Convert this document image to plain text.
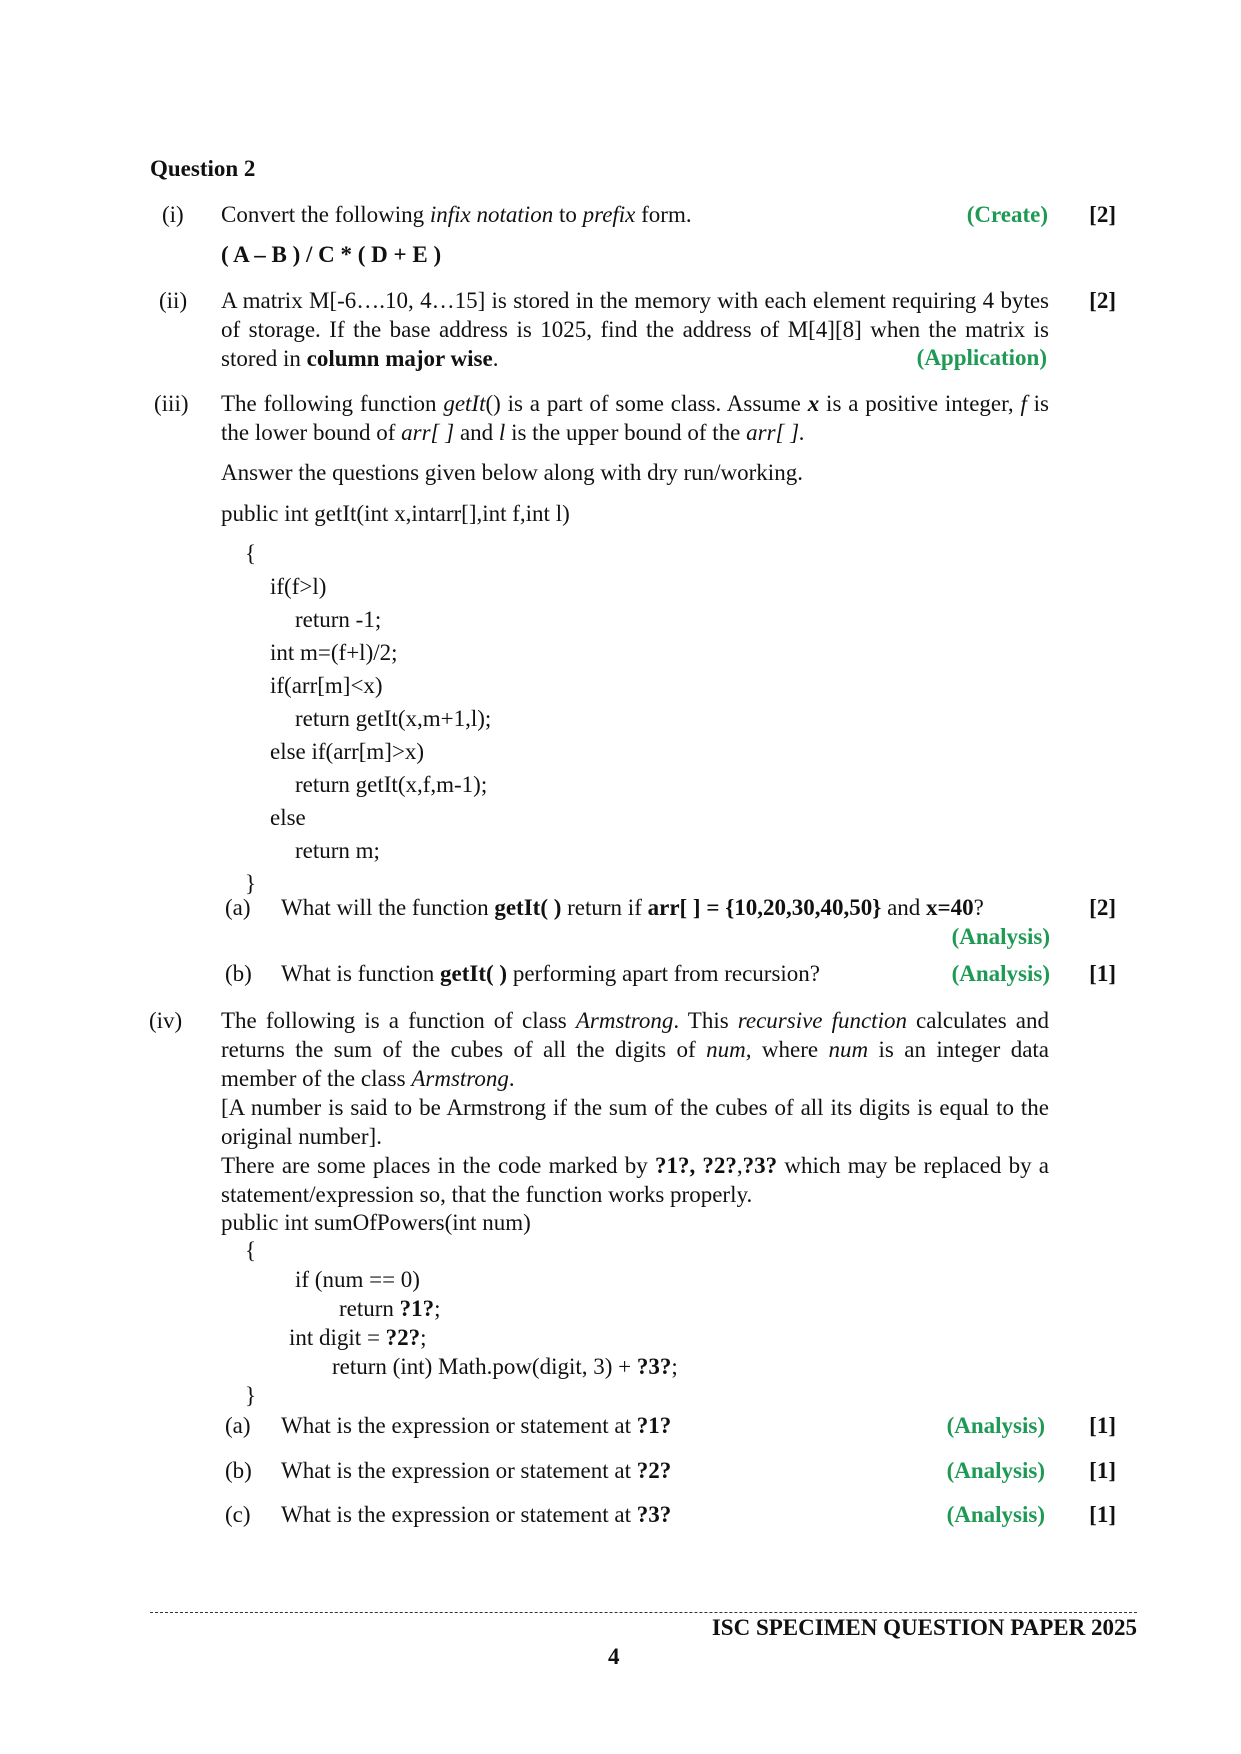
Question 2
(i) Convert the following infix notation to prefix form.	(Create) [2]
( A – B ) / C * ( D + E )
(ii) A matrix M[-6….10, 4…15] is stored in the memory with each element requiring 4 bytes of storage. If the base address is 1025, find the address of M[4][8] when the matrix is stored in column major wise.	(Application)
[2]
(iii) The following function getIt() is a part of some class. Assume x is a positive integer, f is the lower bound of arr[ ] and l is the upper bound of the arr[ ].
Answer the questions given below along with dry run/working.
public int getIt(int x,intarr[],int f,int l)
{
if(f>l)
return -1;
int m=(f+l)/2;
if(arr[m]<x)
return getIt(x,m+1,l);
else if(arr[m]>x)
return getIt(x,f,m-1);
else
return m;
}
(a) What will the function getIt( ) return if arr[ ] = {10,20,30,40,50} and x=40?
(Analysis)
[2]
(b) What is function getIt( ) performing apart from recursion?	(Analysis) [1]
(iv) The following is a function of class Armstrong. This recursive function calculates and returns the sum of the cubes of all the digits of num, where num is an integer data member of the class Armstrong.
[A number is said to be Armstrong if the sum of the cubes of all its digits is equal to the original number].
There are some places in the code marked by ?1?, ?2?,?3? which may be replaced by a statement/expression so, that the function works properly.
public int sumOfPowers(int num)
{
if (num == 0)
return ?1?;
int digit = ?2?;
return (int) Math.pow(digit, 3) + ?3?;
}
(a) What is the expression or statement at ?1?	(Analysis) [1]
(b) What is the expression or statement at ?2?	(Analysis) [1]
(c) What is the expression or statement at ?3?	(Analysis) [1]
ISC SPECIMEN QUESTION PAPER 2025
4
